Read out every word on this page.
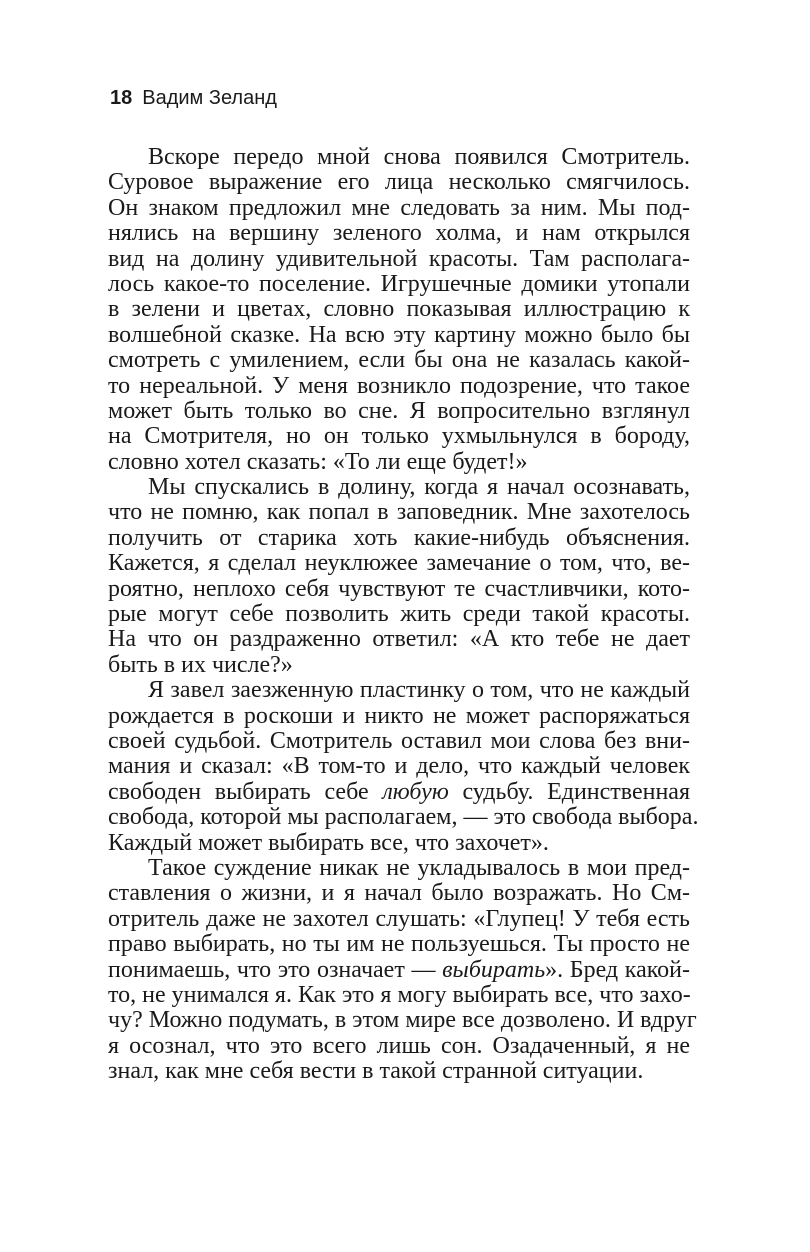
18 Вадим Зеланд
Вскоре передо мной снова появился Смотритель.
Суровое выражение его лица несколько смягчилось.
Он знаком предложил мне следовать за ним. Мы под-
нялись на вершину зеленого холма, и нам открылся
вид на долину удивительной красоты. Там располага-
лось какое-то поселение. Игрушечные домики утопали
в зелени и цветах, словно показывая иллюстрацию к
волшебной сказке. На всю эту картину можно было бы
смотреть с умилением, если бы она не казалась какой-
то нереальной. У меня возникло подозрение, что такое
может быть только во сне. Я вопросительно взглянул
на Смотрителя, но он только ухмыльнулся в бороду,
словно хотел сказать: «То ли еще будет!»
Мы спускались в долину, когда я начал осознавать,
что не помню, как попал в заповедник. Мне захотелось
получить от старика хоть какие-нибудь объяснения.
Кажется, я сделал неуклюжее замечание о том, что, ве-
роятно, неплохо себя чувствуют те счастливчики, кото-
рые могут себе позволить жить среди такой красоты.
На что он раздраженно ответил: «А кто тебе не дает
быть в их числе?»
Я завел заезженную пластинку о том, что не каждый
рождается в роскоши и никто не может распоряжаться
своей судьбой. Смотритель оставил мои слова без вни-
мания и сказал: «В том-то и дело, что каждый человек
свободен выбирать себе любую судьбу. Единственная
свобода, которой мы располагаем, — это свобода выбора.
Каждый может выбирать все, что захочет».
Такое суждение никак не укладывалось в мои пред-
ставления о жизни, и я начал было возражать. Но См-
отритель даже не захотел слушать: «Глупец! У тебя есть
право выбирать, но ты им не пользуешься. Ты просто не
понимаешь, что это означает — выбирать». Бред какой-
то, не унимался я. Как это я могу выбирать все, что захо-
чу? Можно подумать, в этом мире все дозволено. И вдруг
я осознал, что это всего лишь сон. Озадаченный, я не
знал, как мне себя вести в такой странной ситуации.
